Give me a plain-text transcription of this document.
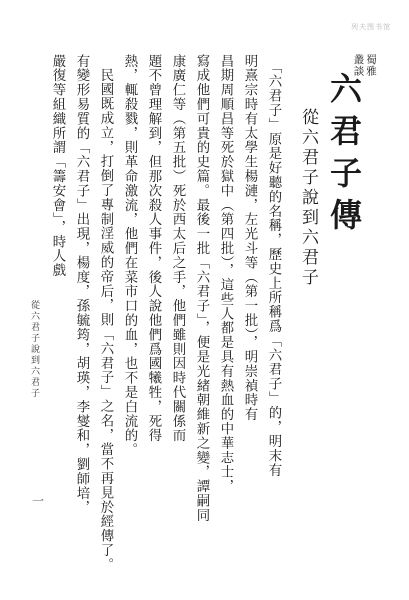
列夫图书馆
蜀雅
叢談
六君子傳
從六君子說到六君子
「六君子」原是好聽的名稱，歷史上所稱爲「六君子」的，明末有
明熹宗時有太學生楊漣，左光斗等（第一批），明崇禎時有
昌期周順昌等死於獄中（第四批），這些人都是具有熱血的中華志士，
寫成他們可貴的史篇。最後一批「六君子」，便是光緒朝維新之變，譚嗣同
康廣仁等（第五批）死於西太后之手，他們雖則因時代關係而
題不曾理解到，但那次殺人事件，後人說他們爲國犧牲，死得
熱，輒殺戮，則革命激流，他們在菜市口的血，也不是白流的。
民國既成立，打倒了專制淫威的帝后，則「六君子」之名，當不再見於經傳了。
有變形易質的「六君子」出現，楊度，孫毓筠，胡瑛，李燮和，劉師培，
嚴復等組織所謂「籌安會」，時人戲
從六君子說到六君子
一
